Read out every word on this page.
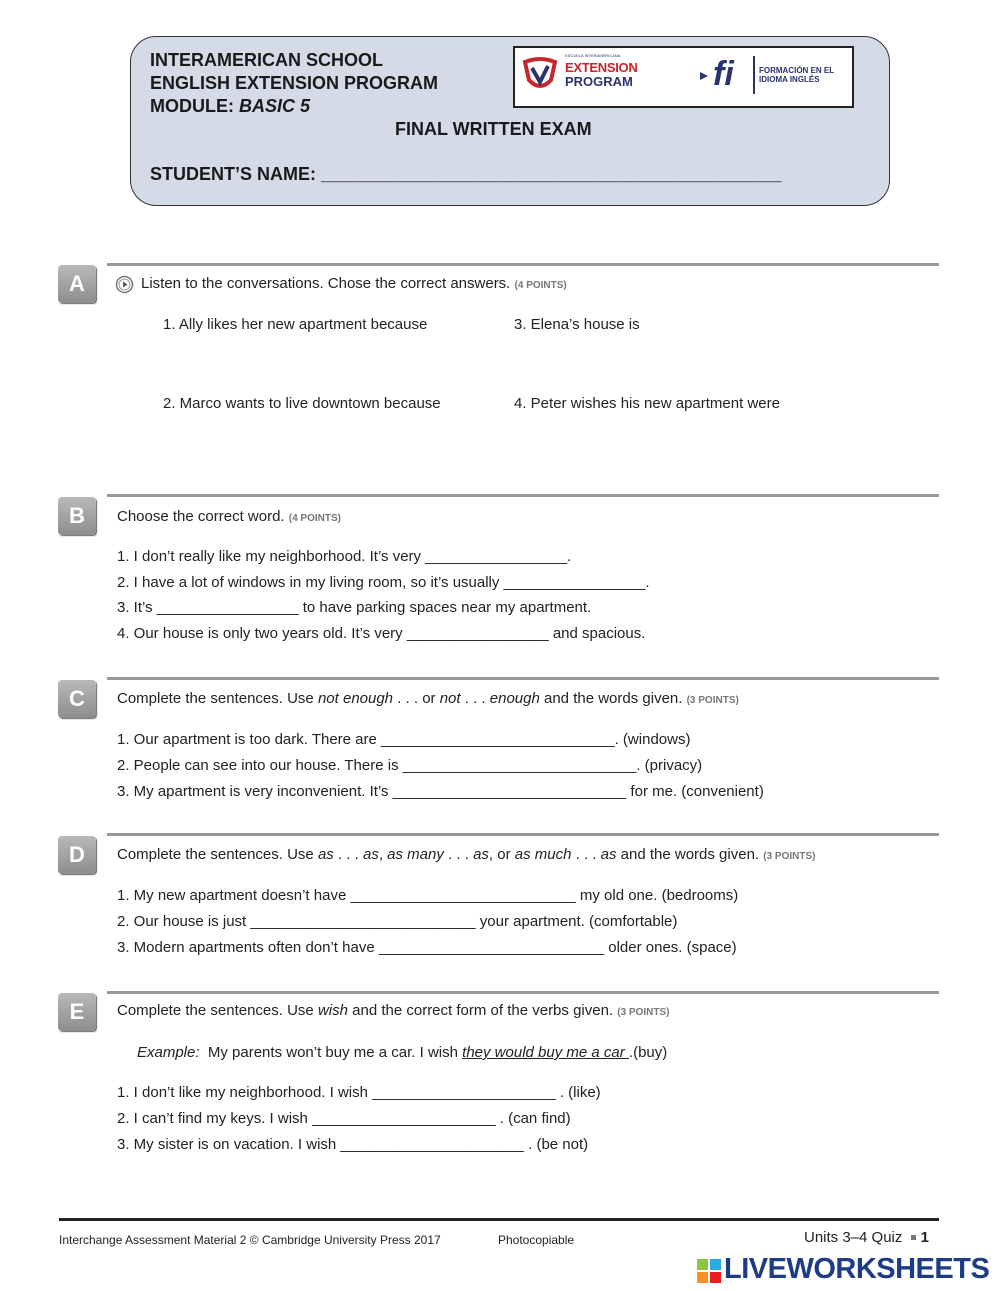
INTERAMERICAN SCHOOL
ENGLISH EXTENSION PROGRAM
MODULE: BASIC 5
FINAL WRITTEN EXAM
STUDENT’S NAME: ______________________________________________
ESCUELA INTERAMERICANA
EXTENSION
PROGRAM fi	FORMACIÓN EN EL
IDIOMA INGLÉS
A	Listen to the conversations. Chose the correct answers. (4 POINTS)
1. Ally likes her new apartment because	3. Elena’s house is
2. Marco wants to live downtown because	4. Peter wishes his new apartment were
B	Choose the correct word. (4 POINTS)
1. I don’t really like my neighborhood. It’s very _________________.
2. I have a lot of windows in my living room, so it’s usually _________________.
3. It’s _________________ to have parking spaces near my apartment.
4. Our house is only two years old. It’s very _________________ and spacious.
C	Complete the sentences. Use not enough . . . or not . . . enough and the words given. (3 POINTS)
1. Our apartment is too dark. There are ____________________________. (windows)
2. People can see into our house. There is ____________________________. (privacy)
3. My apartment is very inconvenient. It’s ____________________________ for me. (convenient)
D	Complete the sentences. Use as . . . as, as many . . . as, or as much . . . as and the words given. (3 POINTS)
1. My new apartment doesn’t have ___________________________ my old one. (bedrooms)
2. Our house is just ___________________________ your apartment. (comfortable)
3. Modern apartments often don’t have ___________________________ older ones. (space)
E	Complete the sentences. Use wish and the correct form of the verbs given. (3 POINTS)
Example: My parents won’t buy me a car. I wish they would buy me a car .(buy)
1. I don’t like my neighborhood. I wish ______________________ . (like)
2. I can’t find my keys. I wish ______________________ . (can find)
3. My sister is on vacation. I wish ______________________ . (be not)
Interchange Assessment Material 2 © Cambridge University Press 2017	Photocopiable	Units 3–4 Quiz 1
LIVEWORKSHEETS
